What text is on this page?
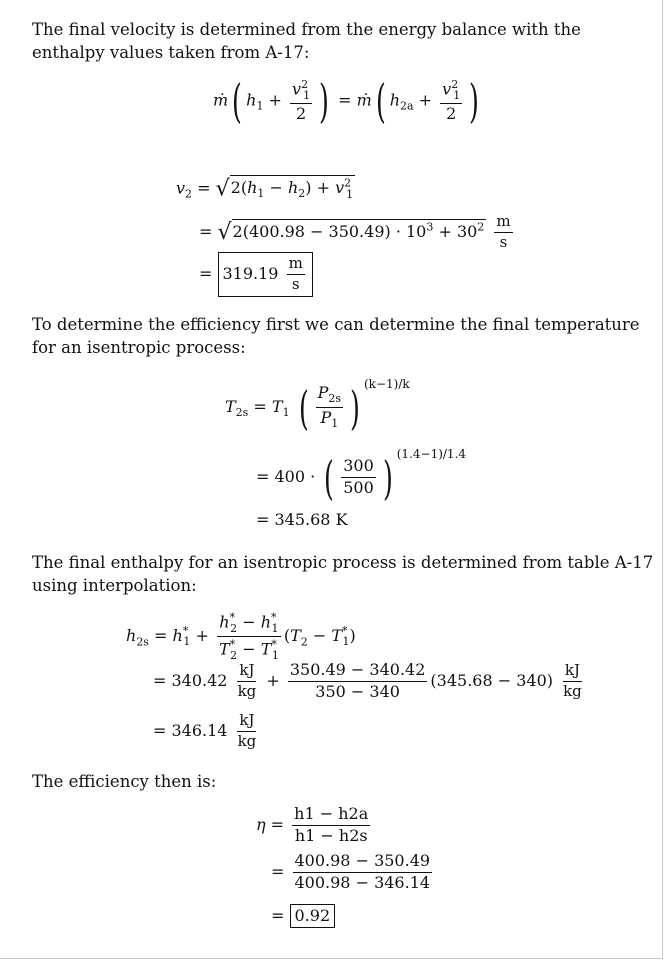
The final velocity is determined from the energy balance with the enthalpy values taken from A-17:

ṁ( $h_1 + \frac{v^2_1}{2}$ ) = ṁ( $h_{2a} + \frac{v^2_1}{2}$ )
$v_2 = √2(h_1 - h_2) + v^2_1$
= $√2(400.98 - 350.49) \cdot 10^3 + 30^2 \frac{m}{s}$
= $319.19 \frac{m}{s}$

To determine the efficiency first we can determine the final temperature for an isentropic process:

$T_{2s} = T_1$ ( $\frac{P_{2s}}{P_1}$ ) $^{(k-1)/k}$
= 400 · ( $\frac{300}{500}$ ) $^{(1.4-1)/1.4}$
= 345.68 K

The final enthalpy for an isentropic process is determined from table A-17 using interpolation:

$h_{2s} = h^*_1 + \frac{h^*_2 - h^*_1}{T^*_2 - T^*_1} (T_2 - T^*_1)$
= $340.42 \frac{kJ}{kg} + \frac{350.49 - 340.42}{350 - 340} (345.68 - 340) \frac{kJ}{kg}$
= $346.14 \frac{kJ}{kg}$

The efficiency then is:

$\eta = \frac{h1 - h2a}{h1 - h2s}$
= $\frac{400.98 - 350.49}{400.98 - 346.14}$
= 0.92
